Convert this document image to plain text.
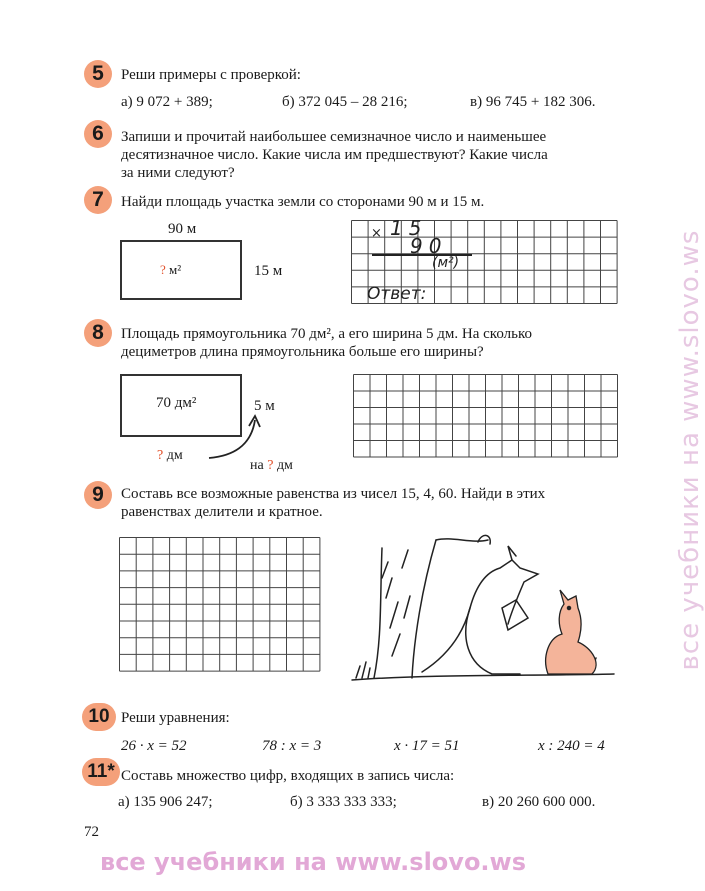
5	Реши примеры с проверкой:
а) 9 072 + 389;	б) 372 045 – 28 216;	в) 96 745 + 182 306.
6	Запиши и прочитай наибольшее семизначное число и наименьшее
десятизначное число. Какие числа им предшествуют? Какие числа
за ними следуют?
7	Найди площадь участка земли со сторонами 90 м и 15 м.
90 м
? м²	15 м
× 15
90
(м²)
Ответ:
8	Площадь прямоугольника 70 дм², а его ширина 5 дм. На сколько
дециметров длина прямоугольника больше его ширины?
70 дм²	5 м
? дм
на ? дм
9	Составь все возможные равенства из чисел 15, 4, 60. Найди в этих
равенствах делители и кратное.
10 Реши уравнения:
26 · x = 52	78 : x = 3	x · 17 = 51	x : 240 = 4
11* Составь множество цифр, входящих в запись числа:
а) 135 906 247;	б) 3 333 333 333;	в) 20 260 600 000.
72
все учебники на www.slovo.ws
все учебники на www.slovo.ws
